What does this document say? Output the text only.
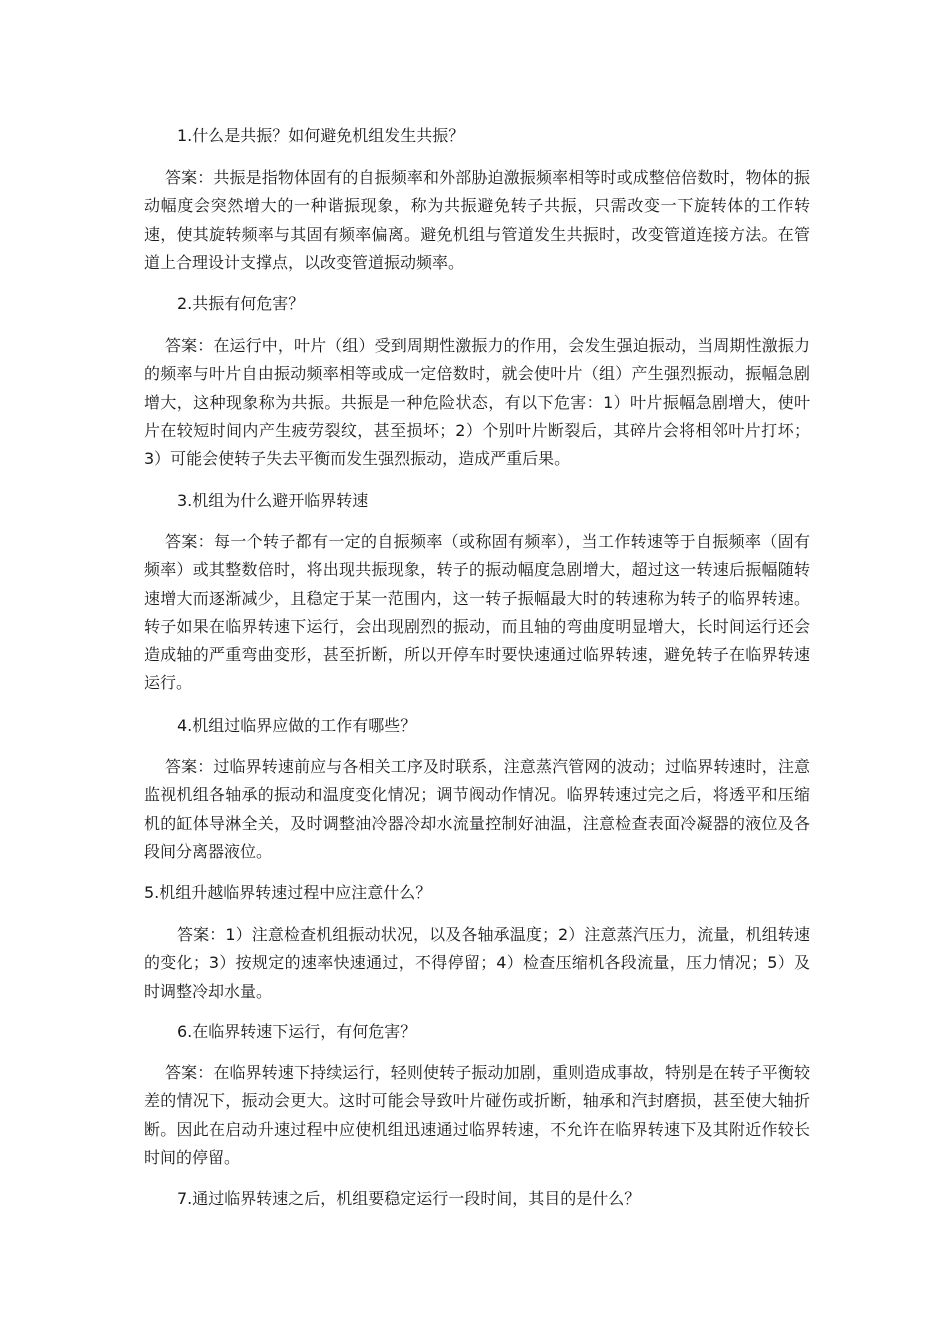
1.什么是共振？如何避免机组发生共振？

答案：共振是指物体固有的自振频率和外部胁迫激振频率相等时或成整倍倍数时，物体的振动幅度会突然增大的一种谐振现象，称为共振避免转子共振，只需改变一下旋转体的工作转速，使其旋转频率与其固有频率偏离。避免机组与管道发生共振时，改变管道连接方法。在管道上合理设计支撑点，以改变管道振动频率。

2.共振有何危害？

答案：在运行中，叶片（组）受到周期性激振力的作用，会发生强迫振动，当周期性激振力的频率与叶片自由振动频率相等或成一定倍数时，就会使叶片（组）产生强烈振动，振幅急剧增大，这种现象称为共振。共振是一种危险状态，有以下危害：1）叶片振幅急剧增大，使叶片在较短时间内产生疲劳裂纹，甚至损坏；2）个别叶片断裂后，其碎片会将相邻叶片打坏；3）可能会使转子失去平衡而发生强烈振动，造成严重后果。

3.机组为什么避开临界转速

答案：每一个转子都有一定的自振频率（或称固有频率），当工作转速等于自振频率（固有频率）或其整数倍时，将出现共振现象，转子的振动幅度急剧增大，超过这一转速后振幅随转速增大而逐渐减少，且稳定于某一范围内，这一转子振幅最大时的转速称为转子的临界转速。转子如果在临界转速下运行，会出现剧烈的振动，而且轴的弯曲度明显增大，长时间运行还会造成轴的严重弯曲变形，甚至折断，所以开停车时要快速通过临界转速，避免转子在临界转速运行。

4.机组过临界应做的工作有哪些？

答案：过临界转速前应与各相关工序及时联系，注意蒸汽管网的波动；过临界转速时，注意监视机组各轴承的振动和温度变化情况；调节阀动作情况。临界转速过完之后，将透平和压缩机的缸体导淋全关，及时调整油冷器冷却水流量控制好油温，注意检查表面冷凝器的液位及各段间分离器液位。

5.机组升越临界转速过程中应注意什么？

答案：1）注意检查机组振动状况，以及各轴承温度；2）注意蒸汽压力，流量，机组转速的变化；3）按规定的速率快速通过，不得停留；4）检查压缩机各段流量，压力情况；5）及时调整冷却水量。

6.在临界转速下运行，有何危害？

答案：在临界转速下持续运行，轻则使转子振动加剧，重则造成事故，特别是在转子平衡较差的情况下，振动会更大。这时可能会导致叶片碰伤或折断，轴承和汽封磨损，甚至使大轴折断。因此在启动升速过程中应使机组迅速通过临界转速，不允许在临界转速下及其附近作较长时间的停留。

7.通过临界转速之后，机组要稳定运行一段时间，其目的是什么？
